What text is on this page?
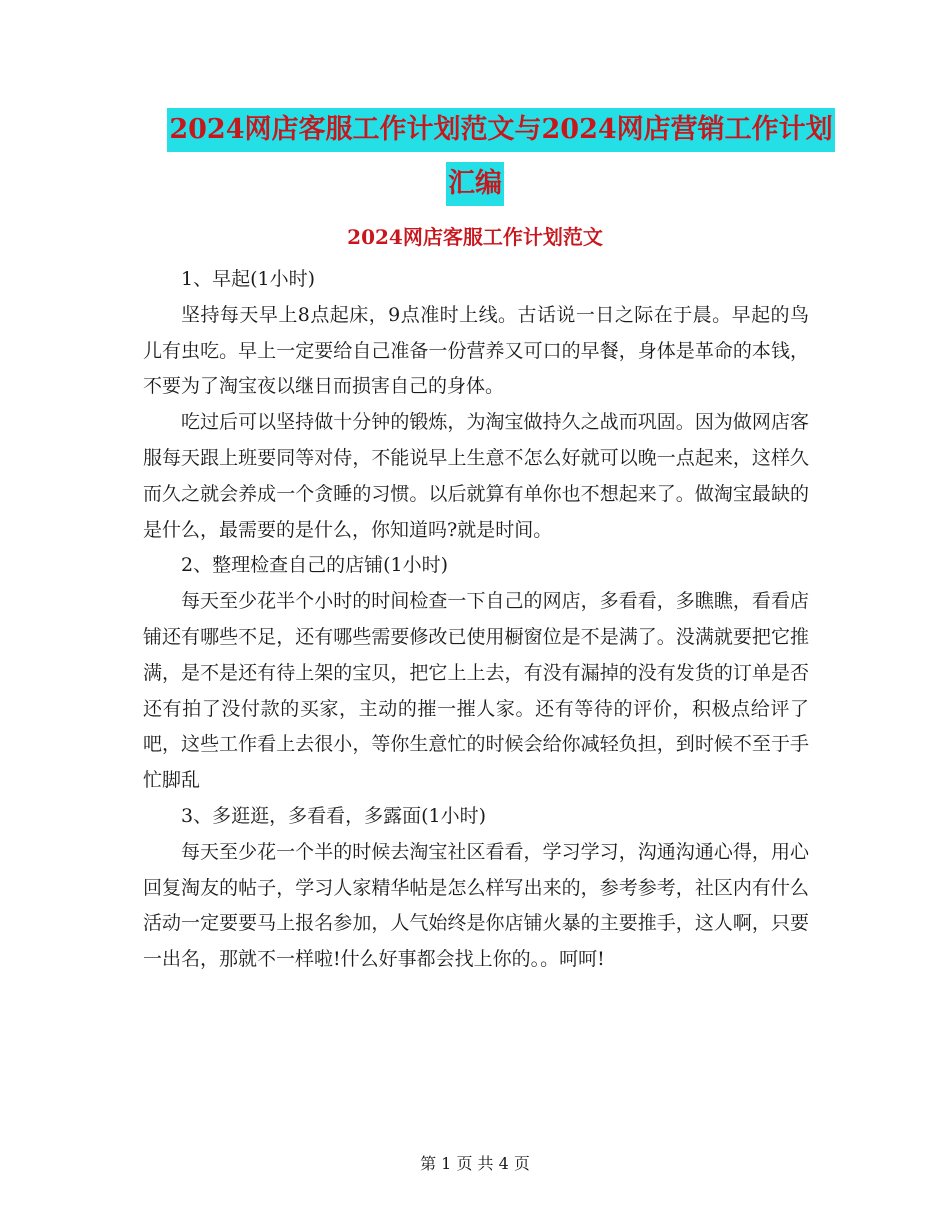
2024网店客服工作计划范文与2024网店营销工作计划
汇编
2024网店客服工作计划范文

1、早起(1小时)

坚持每天早上8点起床，9点准时上线。古话说一日之际在于晨。早起的鸟儿有虫吃。早上一定要给自己准备一份营养又可口的早餐，身体是革命的本钱，不要为了淘宝夜以继日而损害自己的身体。

吃过后可以坚持做十分钟的锻炼，为淘宝做持久之战而巩固。因为做网店客服每天跟上班要同等对侍，不能说早上生意不怎么好就可以晚一点起来，这样久而久之就会养成一个贪睡的习惯。以后就算有单你也不想起来了。做淘宝最缺的是什么，最需要的是什么，你知道吗?就是时间。

2、整理检查自己的店铺(1小时)

每天至少花半个小时的时间检查一下自己的网店，多看看，多瞧瞧，看看店铺还有哪些不足，还有哪些需要修改已使用橱窗位是不是满了。没满就要把它推满，是不是还有待上架的宝贝，把它上上去，有没有漏掉的没有发货的订单是否还有拍了没付款的买家，主动的摧一摧人家。还有等待的评价，积极点给评了吧，这些工作看上去很小，等你生意忙的时候会给你减轻负担，到时候不至于手忙脚乱

3、多逛逛，多看看，多露面(1小时)

每天至少花一个半的时候去淘宝社区看看，学习学习，沟通沟通心得，用心回复淘友的帖子，学习人家精华帖是怎么样写出来的，参考参考，社区内有什么活动一定要要马上报名参加，人气始终是你店铺火暴的主要推手，这人啊，只要一出名，那就不一样啦!什么好事都会找上你的。。呵呵!

第 1 页 共 4 页
